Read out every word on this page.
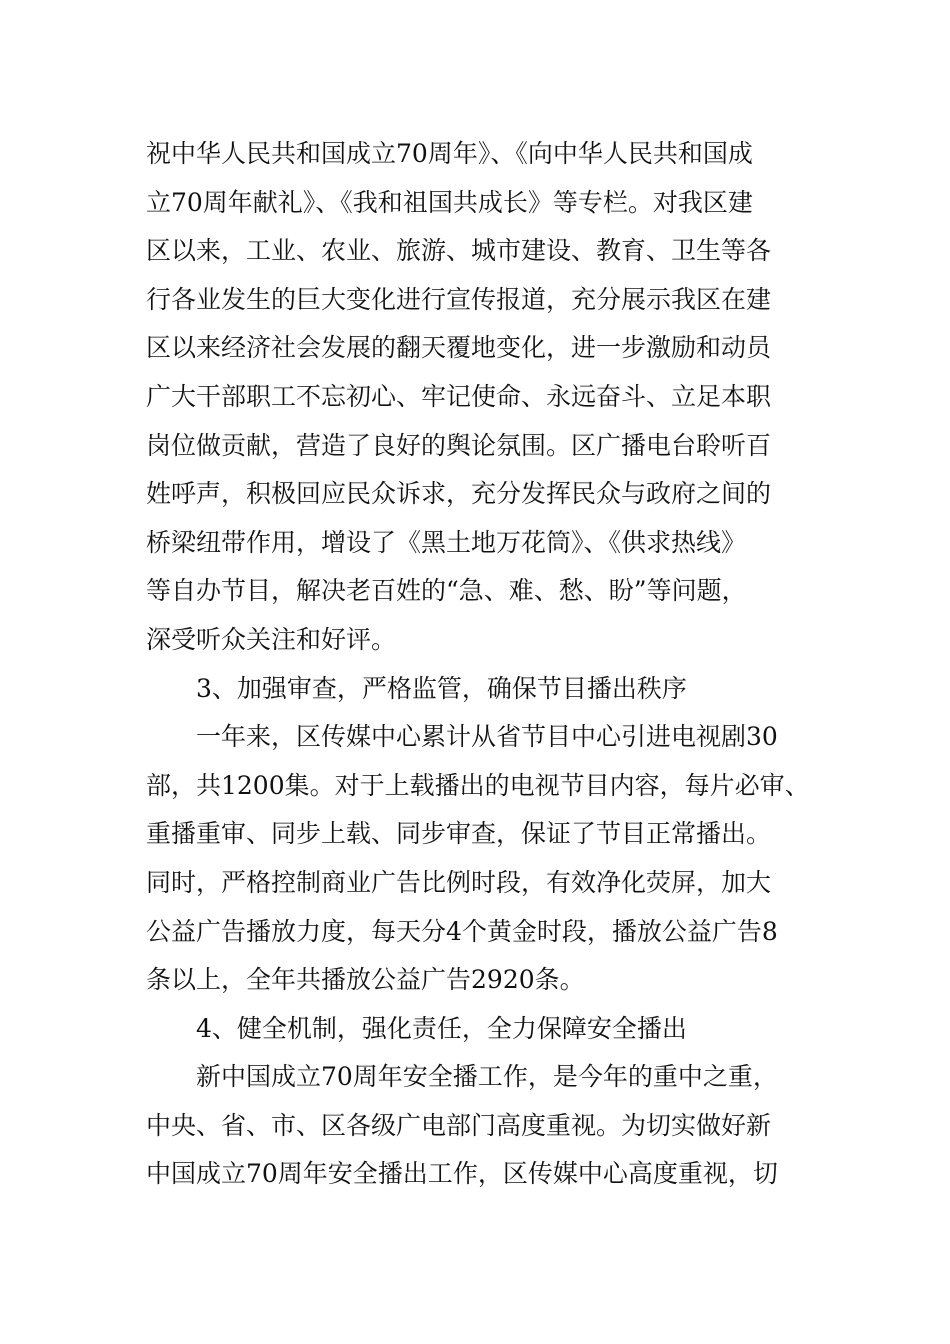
祝中华人民共和国成立70周年》、《向中华人民共和国成
立70周年献礼》、《我和祖国共成长》等专栏。对我区建
区以来，工业、农业、旅游、城市建设、教育、卫生等各
行各业发生的巨大变化进行宣传报道，充分展示我区在建
区以来经济社会发展的翻天覆地变化，进一步激励和动员
广大干部职工不忘初心、牢记使命、永远奋斗、立足本职
岗位做贡献，营造了良好的舆论氛围。区广播电台聆听百
姓呼声，积极回应民众诉求，充分发挥民众与政府之间的
桥梁纽带作用，增设了《黑土地万花筒》、《供求热线》
等自办节目，解决老百姓的“急、难、愁、盼”等问题，
深受听众关注和好评。
3、加强审查，严格监管，确保节目播出秩序
一年来，区传媒中心累计从省节目中心引进电视剧30
部，共1200集。对于上载播出的电视节目内容，每片必审、
重播重审、同步上载、同步审查，保证了节目正常播出。
同时，严格控制商业广告比例时段，有效净化荧屏，加大
公益广告播放力度，每天分4个黄金时段，播放公益广告8
条以上，全年共播放公益广告2920条。
4、健全机制，强化责任，全力保障安全播出
新中国成立70周年安全播工作，是今年的重中之重，
中央、省、市、区各级广电部门高度重视。为切实做好新
中国成立70周年安全播出工作，区传媒中心高度重视，切
